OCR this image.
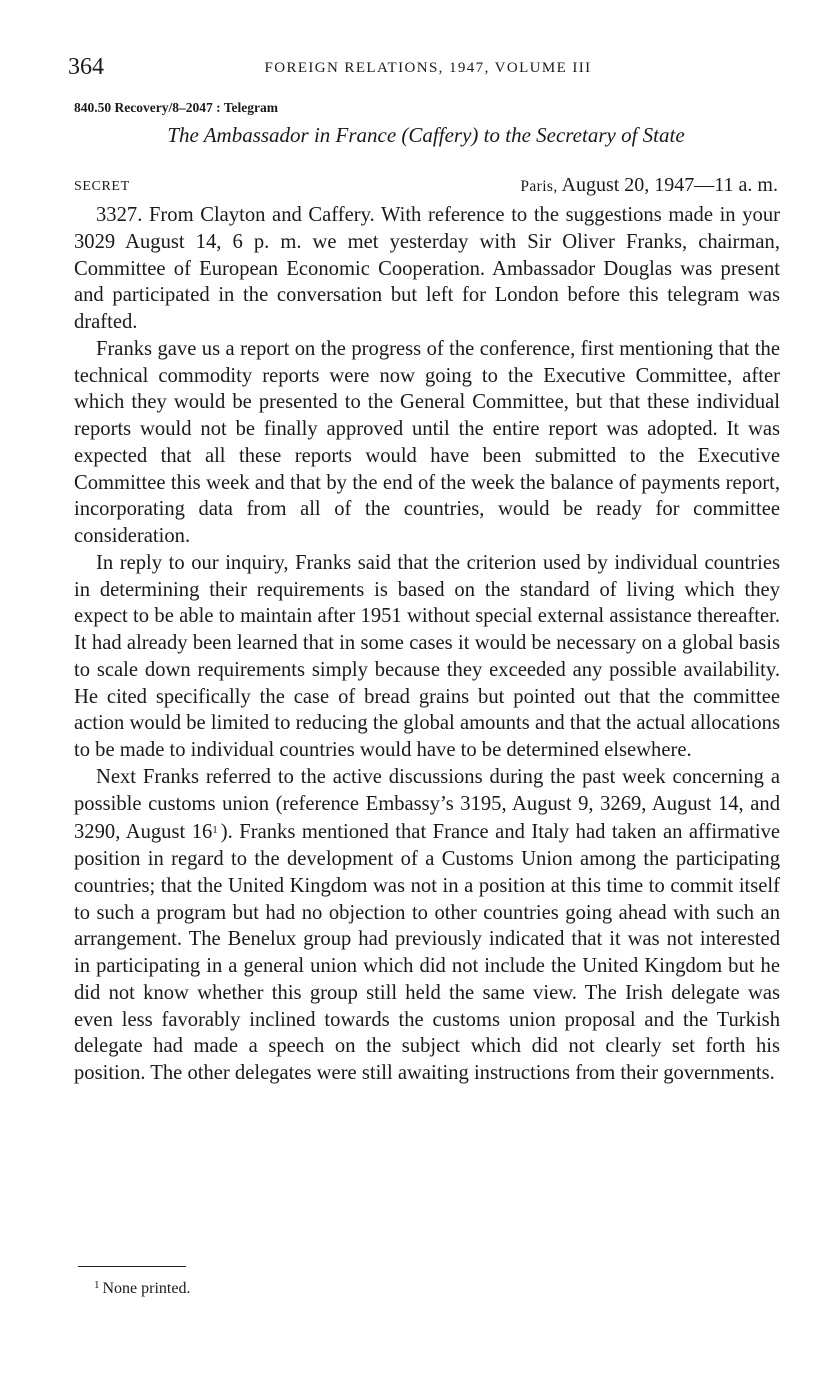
364	FOREIGN RELATIONS, 1947, VOLUME III
840.50 Recovery/8–2047 : Telegram
The Ambassador in France (Caffery) to the Secretary of State
SECRET	Paris, August 20, 1947—11 a. m.

3327. From Clayton and Caffery. With reference to the suggestions made in your 3029 August 14, 6 p. m. we met yesterday with Sir Oliver Franks, chairman, Committee of European Economic Cooperation. Ambassador Douglas was present and participated in the conversation but left for London before this telegram was drafted.

Franks gave us a report on the progress of the conference, first mentioning that the technical commodity reports were now going to the Executive Committee, after which they would be presented to the General Committee, but that these individual reports would not be finally approved until the entire report was adopted. It was expected that all these reports would have been submitted to the Executive Committee this week and that by the end of the week the balance of payments report, incorporating data from all of the countries, would be ready for committee consideration.

In reply to our inquiry, Franks said that the criterion used by individual countries in determining their requirements is based on the standard of living which they expect to be able to maintain after 1951 without special external assistance thereafter. It had already been learned that in some cases it would be necessary on a global basis to scale down requirements simply because they exceeded any possible availability. He cited specifically the case of bread grains but pointed out that the committee action would be limited to reducing the global amounts and that the actual allocations to be made to individual countries would have to be determined elsewhere.

Next Franks referred to the active discussions during the past week concerning a possible customs union (reference Embassy’s 3195, August 9, 3269, August 14, and 3290, August 16$^1$ ). Franks mentioned that France and Italy had taken an affirmative position in regard to the development of a Customs Union among the participating countries; that the United Kingdom was not in a position at this time to commit itself to such a program but had no objection to other countries going ahead with such an arrangement. The Benelux group had previously indicated that it was not interested in participating in a general union which did not include the United Kingdom but he did not know whether this group still held the same view. The Irish delegate was even less favorably inclined towards the customs union proposal and the Turkish delegate had made a speech on the subject which did not clearly set forth his position. The other delegates were still awaiting instructions from their governments.

$^1$ None printed.
